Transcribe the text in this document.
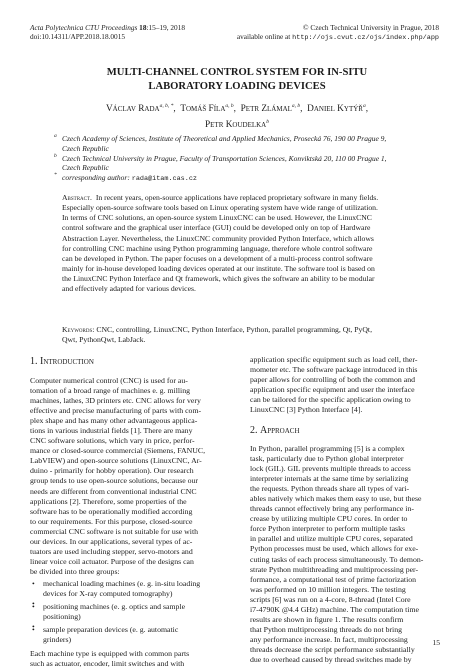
Acta Polytechnica CTU Proceedings 18:15–19, 2018
doi:10.14311/APP.2018.18.0015
© Czech Technical University in Prague, 2018
available online at http://ojs.cvut.cz/ojs/index.php/app
MULTI-CHANNEL CONTROL SYSTEM FOR IN-SITU
LABORATORY LOADING DEVICES
Václav Rada$^{a, b, *}$,  Tomáš Fíla$^{a, b}$,  Petr Zlámal$^{a, b}$,  Daniel Kytýř$^a$,
Petr Koudelka$^b$
a Czech Academy of Sciences, Institute of Theoretical and Applied Mechanics, Prosecká 76, 190 00 Prague 9,
Czech Republic
b Czech Technical University in Prague, Faculty of Transportation Sciences, Konviktská 20, 110 00 Prague 1,
Czech Republic
* corresponding author: rada@itam.cas.cz
Abstract. In recent years, open-source applications have replaced proprietary software in many fields.
Especially open-source software tools based on Linux operating system have wide range of utilization.
In terms of CNC solutions, an open-source system LinuxCNC can be used. However, the LinuxCNC
control software and the graphical user interface (GUI) could be developed only on top of Hardware
Abstraction Layer. Nevertheless, the LinuxCNC community provided Python Interface, which allows
for controlling CNC machine using Python programming language, therefore whole control software
can be developed in Python. The paper focuses on a development of a multi-process control software
mainly for in-house developed loading devices operated at our institute. The software tool is based on
the LinuxCNC Python Interface and Qt framework, which gives the software an ability to be modular
and effectively adapted for various devices.
Keywords: CNC, controlling, LinuxCNC, Python Interface, Python, parallel programming, Qt, PyQt,
Qwt, PythonQwt, LabJack.
1. Introduction
Computer numerical control (CNC) is used for au-
tomation of a broad range of machines e. g. milling
machines, lathes, 3D printers etc. CNC allows for very
effective and precise manufacturing of parts with com-
plex shape and has many other advantageous applica-
tions in various industrial fields [1]. There are many
CNC software solutions, which vary in price, perfor-
mance or closed-source commercial (Siemens, FANUC,
LabVIEW) and open-source solutions (LinuxCNC, Ar-
duino - primarily for hobby operation). Our research
group tends to use open-source solutions, because our
needs are different from conventional industrial CNC
applications [2]. Therefore, some properties of the
software has to be operationally modified according
to our requirements. For this purpose, closed-source
commercial CNC software is not suitable for use with
our devices. In our applications, several types of ac-
tuators are used including stepper, servo-motors and
linear voice coil actuator. Purpose of the designs can
be divided into three groups:
• mechanical loading machines (e. g. in-situ loading
devices for X-ray computed tomography)
•
• positioning machines (e. g. optics and sample
positioning)
•
• sample preparation devices (e. g. automatic
grinders)
Each machine type is equipped with common parts
such as actuator, encoder, limit switches and with
application specific equipment such as load cell, ther-
mometer etc. The software package introduced in this
paper allows for controlling of both the common and
application specific equipment and user the interface
can be tailored for the specific application owing to
LinuxCNC [3] Python Interface [4].
2. Approach
In Python, parallel programming [5] is a complex
task, particularly due to Python global interpreter
lock (GIL). GIL prevents multiple threads to access
interpreter internals at the same time by serializing
the requests. Python threads share all types of vari-
ables natively which makes them easy to use, but these
threads cannot effectively bring any performance in-
crease by utilizing multiple CPU cores. In order to
force Python interpreter to perform multiple tasks
in parallel and utilize multiple CPU cores, separated
Python processes must be used, which allows for exe-
cuting tasks of each process simultaneously. To demon-
strate Python multithreading and multiprocessing per-
formance, a computational test of prime factorization
was performed on 10 million integers. The testing
scripts [6] was run on a 4-core, 8-thread (Intel Core
i7-4790K @4.4 GHz) machine. The computation time
results are shown in figure 1. The results confirm
that Python multiprocessing threads do not bring
any performance increase. In fact, multiprocessing
threads decrease the script performance substantially
due to overhead caused by thread switches made by
15
